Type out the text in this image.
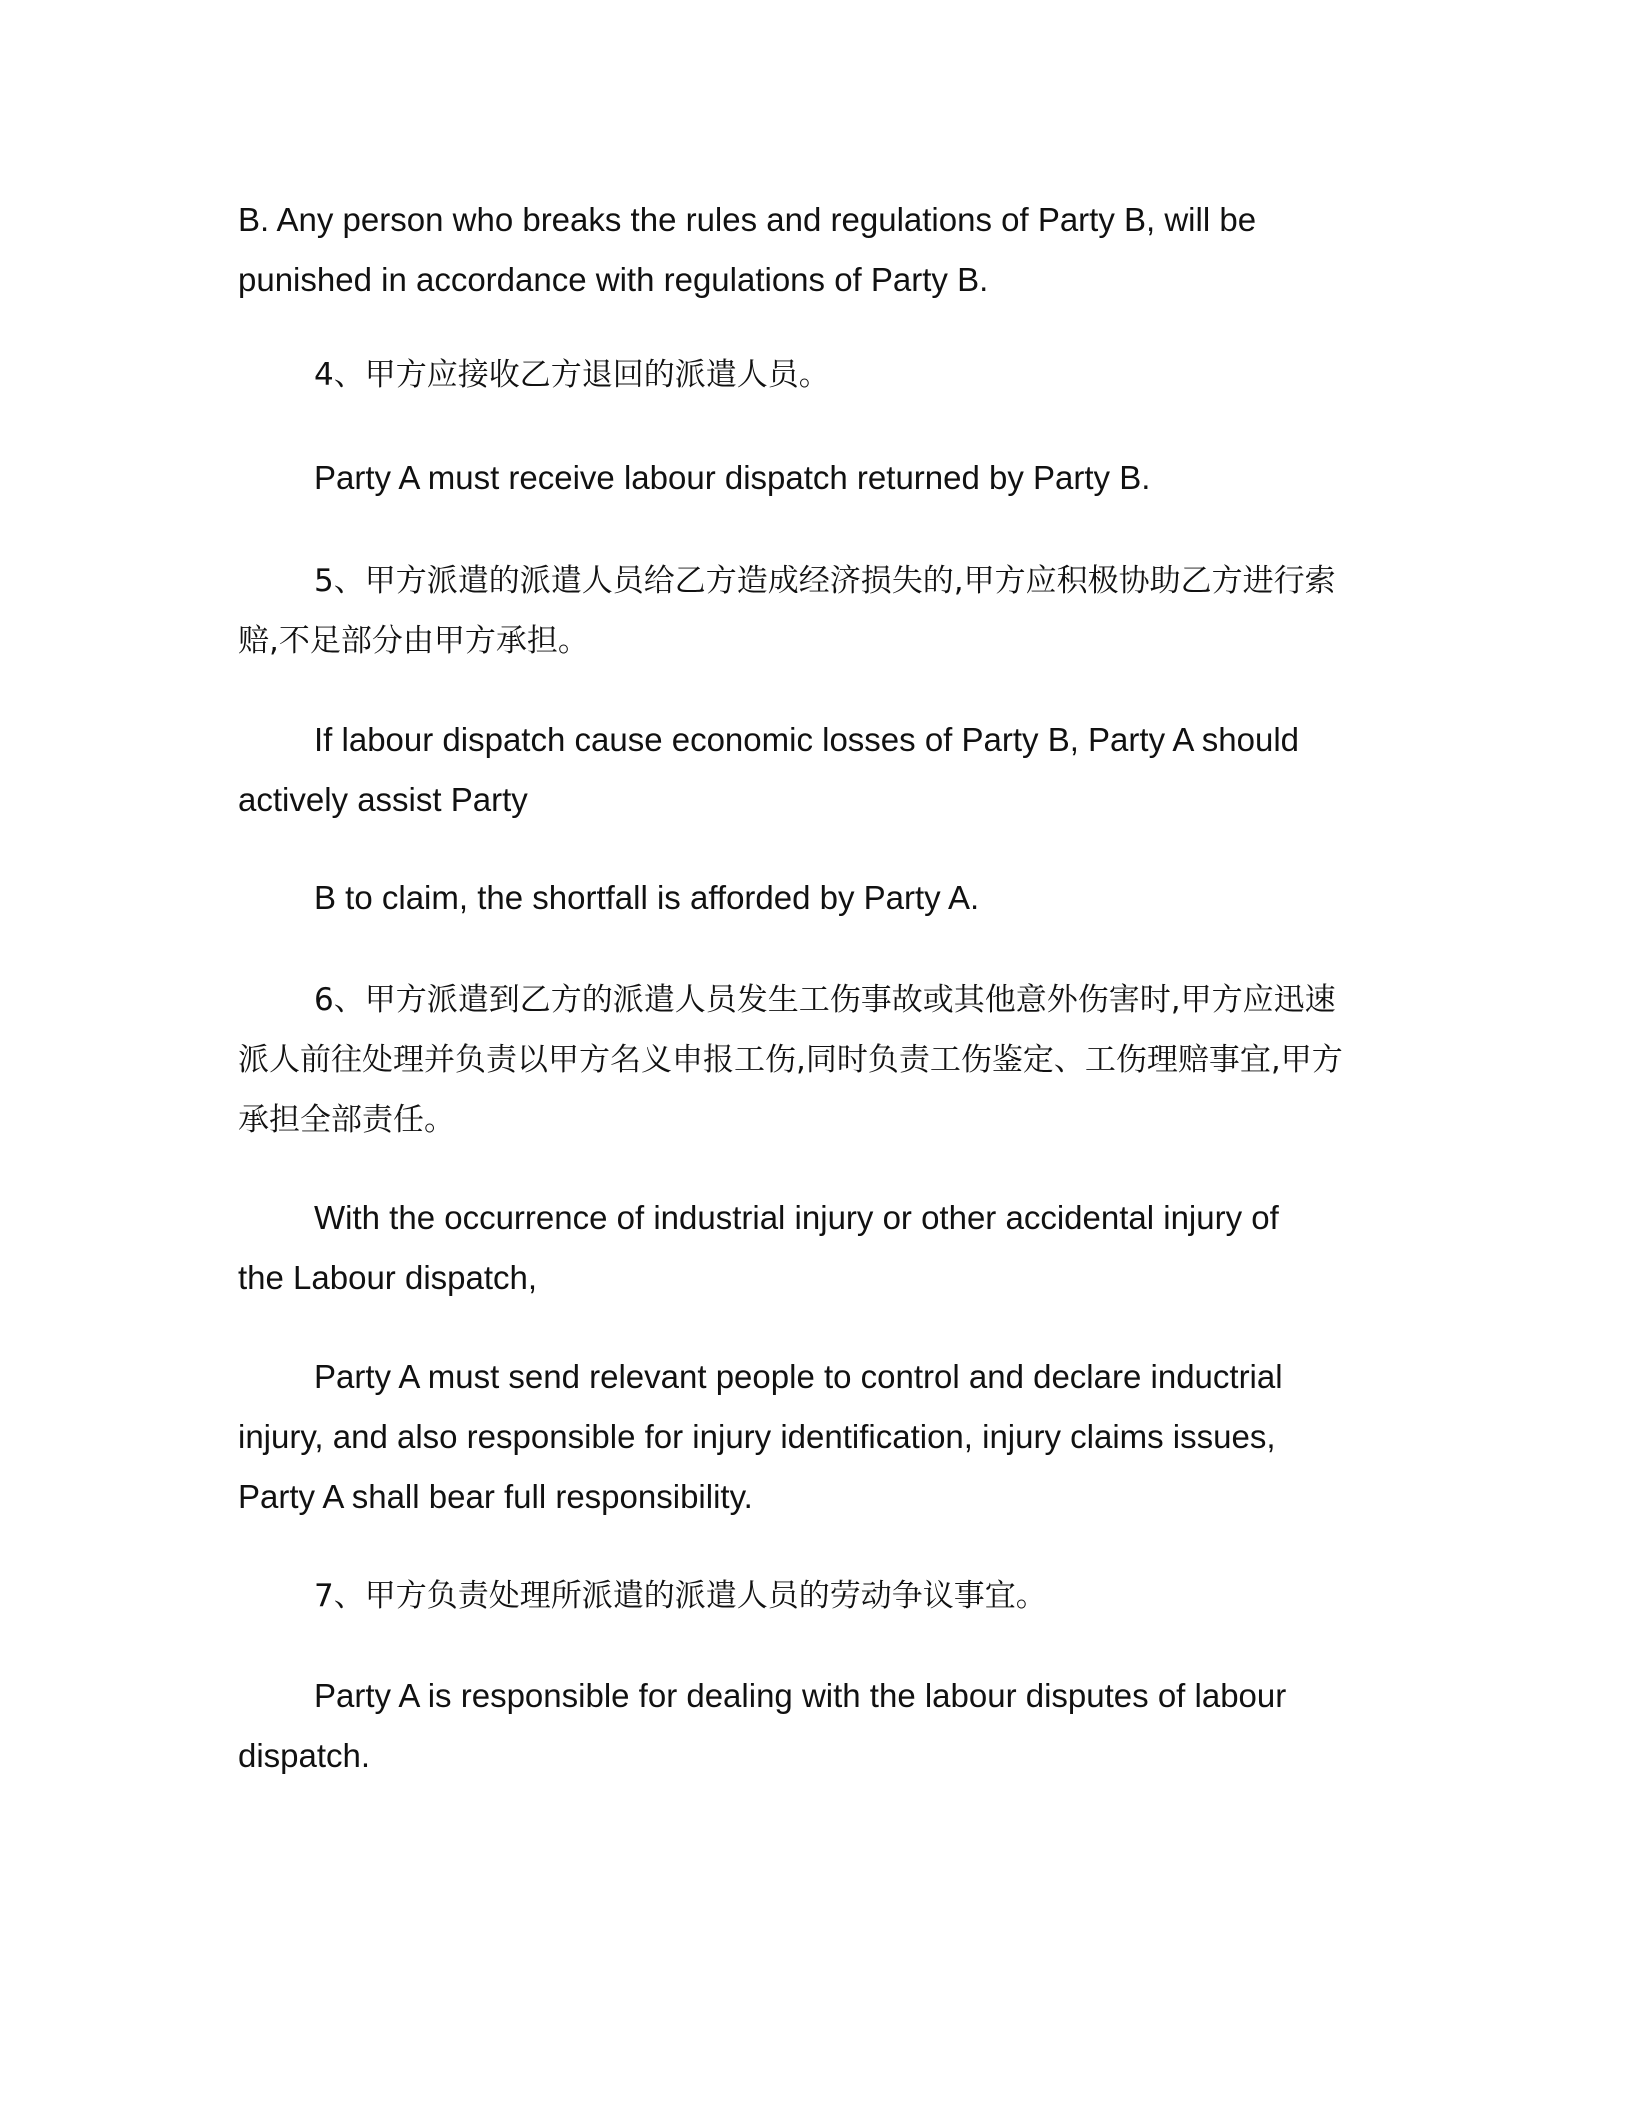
B. Any person who breaks the rules and regulations of Party B, will be
punished in accordance with regulations of Party B.

4、甲方应接收乙方退回的派遣人员。

Party A must receive labour dispatch returned by Party B.

5、甲方派遣的派遣人员给乙方造成经济损失的,甲方应积极协助乙方进行索
赔,不足部分由甲方承担。

If labour dispatch cause economic losses of Party B, Party A should
actively assist Party

B to claim, the shortfall is afforded by Party A.

6、甲方派遣到乙方的派遣人员发生工伤事故或其他意外伤害时,甲方应迅速
派人前往处理并负责以甲方名义申报工伤,同时负责工伤鉴定、工伤理赔事宜,甲方
承担全部责任。

With the occurrence of industrial injury or other accidental injury of
the Labour dispatch,

Party A must send relevant people to control and declare inductrial
injury, and also responsible for injury identification, injury claims issues,
Party A shall bear full responsibility.

7、甲方负责处理所派遣的派遣人员的劳动争议事宜。

Party A is responsible for dealing with the labour disputes of labour
dispatch.
